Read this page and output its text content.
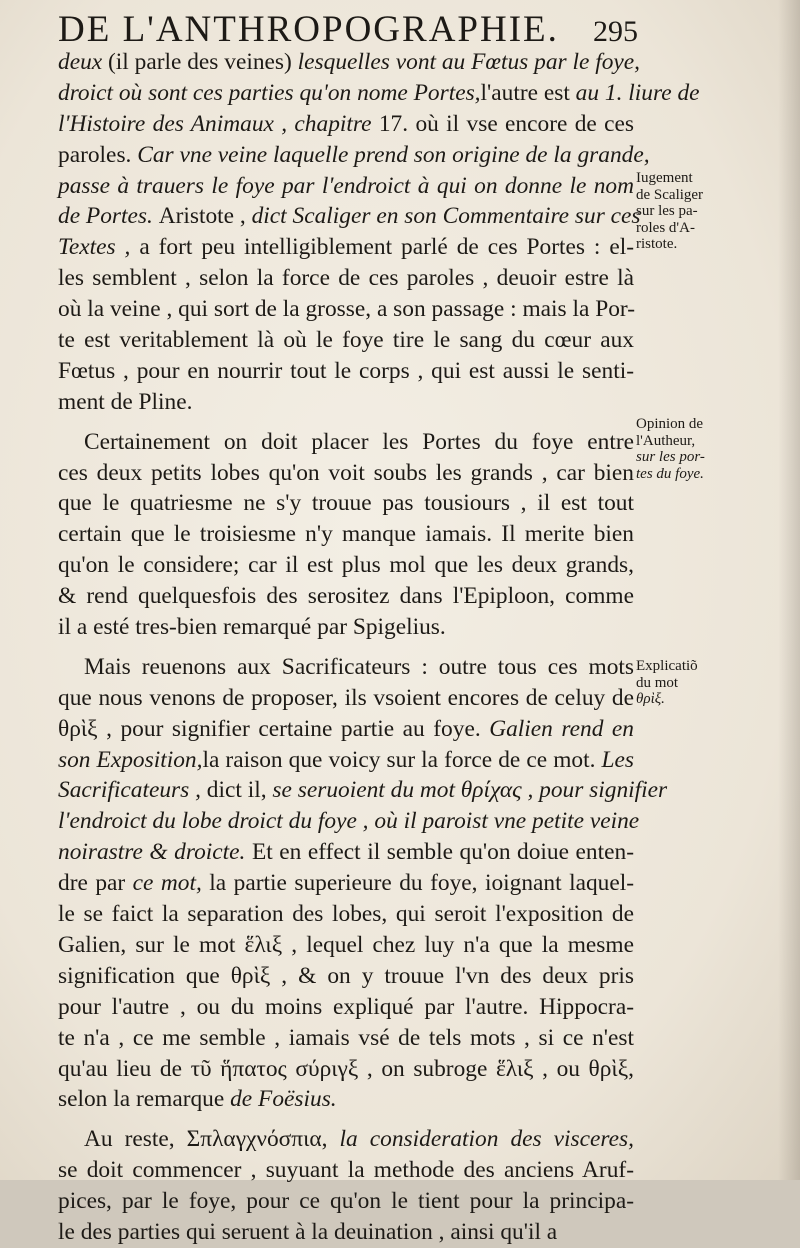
DE L'ANTHROPOGRAPHIE. 295
deux (il parle des veines) lesquelles vont au Fœtus par le foye,
droict où sont ces parties qu'on nome Portes,l'autre est au 1. liure de
l'Histoire des Animaux , chapitre 17. où il vse encore de ces
paroles. Car vne veine laquelle prend son origine de la grande,
passe à trauers le foye par l'endroict à qui on donne le nom
de Portes. Aristote , dict Scaliger en son Commentaire sur ces
Textes , a fort peu intelligiblement parlé de ces Portes : el-
les semblent , selon la force de ces paroles , deuoir estre là
où la veine , qui sort de la grosse, a son passage : mais la Por-
te est veritablement là où le foye tire le sang du cœur aux
Fœtus , pour en nourrir tout le corps , qui est aussi le senti-
ment de Pline.
Certainement on doit placer les Portes du foye entre
ces deux petits lobes qu'on voit soubs les grands , car bien
que le quatriesme ne s'y trouue pas tousiours , il est tout
certain que le troisiesme n'y manque iamais. Il merite bien
qu'on le considere; car il est plus mol que les deux grands,
& rend quelquesfois des serositez dans l'Epiploon, comme
il a esté tres-bien remarqué par Spigelius.
Mais reuenons aux Sacrificateurs : outre tous ces mots
que nous venons de proposer, ils vsoient encores de celuy de
θρὶξ , pour signifier certaine partie au foye. Galien rend en
son Exposition,la raison que voicy sur la force de ce mot. Les
Sacrificateurs , dict il, se seruoient du mot θρίχας , pour signifier
l'endroict du lobe droict du foye , où il paroist vne petite veine
noirastre & droicte. Et en effect il semble qu'on doiue enten-
dre par ce mot, la partie superieure du foye, ioignant laquel-
le se faict la separation des lobes, qui seroit l'exposition de
Galien, sur le mot ἕλιξ , lequel chez luy n'a que la mesme
signification que θρὶξ , & on y trouue l'vn des deux pris
pour l'autre , ou du moins expliqué par l'autre. Hippocra-
te n'a , ce me semble , iamais vsé de tels mots , si ce n'est
qu'au lieu de τῦ ἥπατος σύριγξ , on subroge ἕλιξ , ou θρὶξ,
selon la remarque de Foësius.
Au reste, Σπλαγχνόσπια, la consideration des visceres,
se doit commencer , suyuant la methode des anciens Aruf-
pices, par le foye, pour ce qu'on le tient pour la principa-
le des parties qui seruent à la deuination , ainsi qu'il a
Iugement
de Scaliger
sur les pa-
roles d'A-
ristote.
Opinion de
l'Autheur,
sur les por-
tes du foye.
Explicatiõ
du mot
θρὶξ.
